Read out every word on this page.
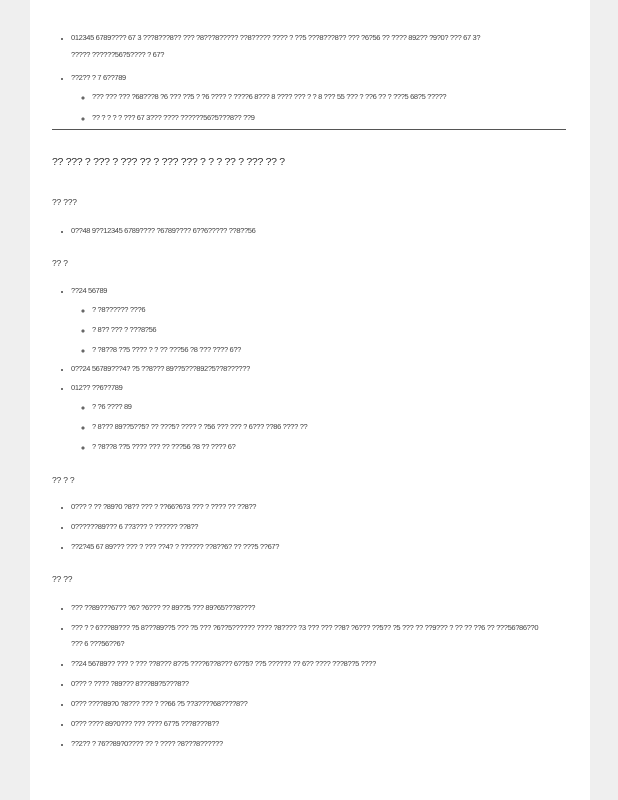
• 012345 6789???? 67 3 ???8???8?? ??? ?8???8????? ??8????? ???? ? ??5 ???8???8?? ??? ?6?56 ?? ???? 892?? ?9?0? ??? 67 3?
????? ??????56?5???? ? 67?
• ??2?? ? 7 6??789
◦ ??? ??? ??? ?68???8 ?6 ??? ??5 ? ?6 ???? ? ????6 8??? 8 ???? ??? ? ? 8 ??? 55 ??? ? ??6 ?? ? ???5 68?5 ?????
◦ ?? ? ? ? ? ??? 67 3??? ???? ??????56?5???8?? ??9
?? ??? ? ??? ? ??? ?? ? ??? ??? ? ? ? ?? ? ??? ?? ?
?? ???
• 0??48 9??12345 6789???? ?6789???? 6??6????? ??8??56
?? ?
• ??24 56789
◦ ? ?8?????? ???6
◦ ? 8?? ??? ? ???8?56
◦ ? ?8??8 ??5 ???? ? ? ?? ???56 ?8 ??? ???? 6??
• 0??24 56789???4? ?5 ??8??? 89??5???892?5??8??????
• 012?? ??6??789
◦ ? ?6 ???? 89
◦ ? 8??? 89??5??5? ?? ???5? ???? ? ?56 ??? ??? ? 6??? ??86 ???? ??
◦ ? ?8??8 ??5 ???? ??? ?? ???56 ?8 ?? ???? 6?
?? ? ?
• 0??? ? ?? ?89?0 ?8?? ??? ? ??66?6?3 ??? ? ???? ?? ??8??
• 0??????89??? 6 7?3??? ? ?????? ??8??
• ??2?45 67 89??? ??? ? ??? ??4? ? ?????? ??8??6? ?? ???5 ??67?
?? ??
• ??? ??89???67?? ?6? ?6??? ?? 89??5 ??? 89?65???8????
• ??? ? ? 6???89??? ?5 8???89??5 ??? ?5 ??? ?6??5?????? ???? ?8???? ?3 ??? ??? ??8? ?6??? ??5?? ?5 ??? ?? ??9??? ? ?? ?? ??6 ?? ???56?86??0
??? 6 ???56??6?
• ??24 56789?? ??? ? ??? ??8??? 8??5 ????6??8??? 6??5? ??5 ?????? ?? 6?? ???? ???8??5 ????
• 0??? ? ???? ?89??? 8???89?5???8??
• 0??? ????89?0 ?8??? ??? ? ??66 ?5 ??3????68????8??
• 0??? ???? 89?0??? ??? ???? 67?5 ???8???8??
• ??2?? ? 76??89?0???? ?? ? ???? ?8???8??????
